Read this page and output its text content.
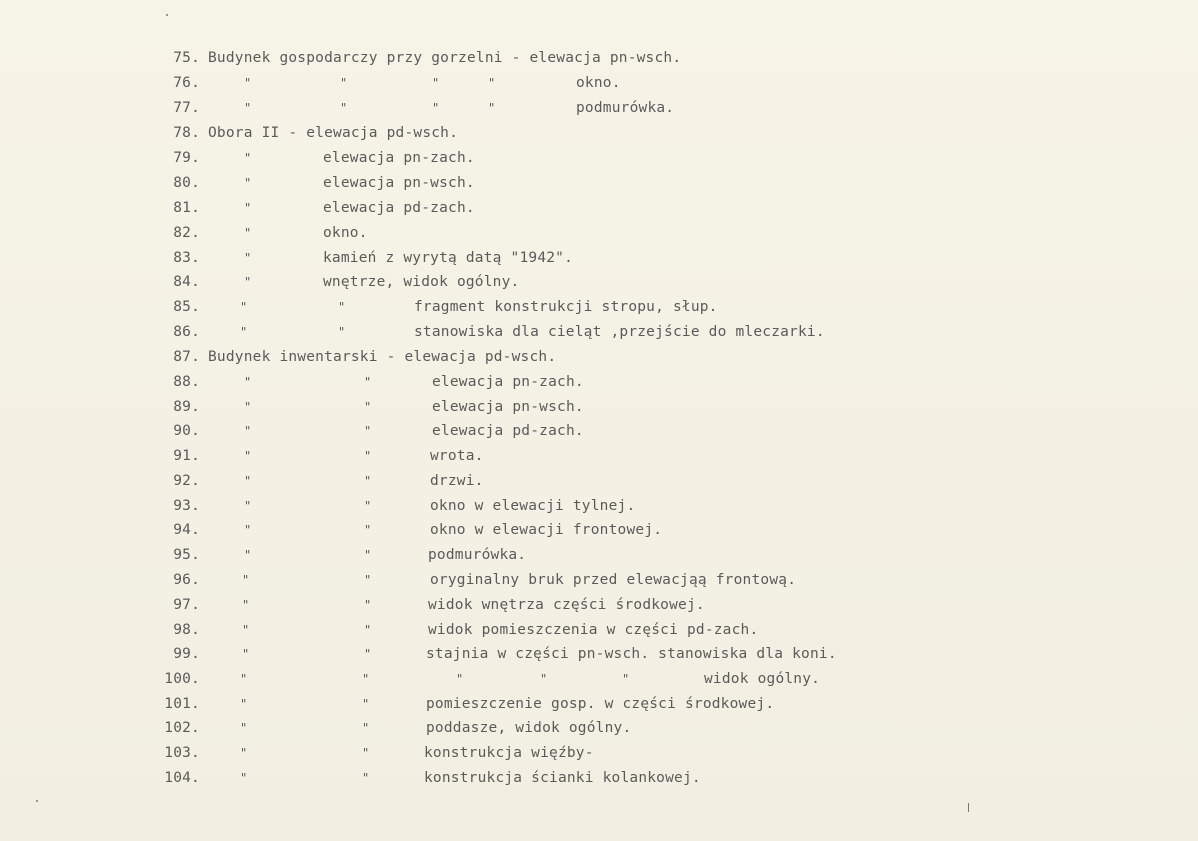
75. Budynek gospodarczy przy gorzelni - elewacja pn-wsch.
76.	"	"	"	"	okno.
77.	"	"	"	"	podmurówka.
78. Obora II - elewacja pd-wsch.
79.	"	elewacja pn-zach.
80.	"	elewacja pn-wsch.
81.	"	elewacja pd-zach.
82.	"	okno.
83.	"	kamień z wyrytą datą "1942".
84.	"	wnętrze, widok ogólny.
85.	"	"	fragment konstrukcji stropu, słup.
86.	"	"	stanowiska dla cieląt ,przejście do mleczarki.
87. Budynek inwentarski - elewacja pd-wsch.
88.	"	"	elewacja pn-zach.
89.	"	"	elewacja pn-wsch.
90.	"	"	elewacja pd-zach.
91.	"	"	wrota.
92.	"	"	drzwi.
93.	"	"	okno w elewacji tylnej.
94.	"	"	okno w elewacji frontowej.
95.	"	"	podmurówka.
96.	"	"	oryginalny bruk przed elewacjąą frontową.
97.	"	"	widok wnętrza części środkowej.
98.	"	"	widok pomieszczenia w części pd-zach.
99.	"	"	stajnia w części pn-wsch. stanowiska dla koni.
100.	"	"	"	"	"	widok ogólny.
101.	"	"	pomieszczenie gosp. w części środkowej.
102.	"	"	poddasze, widok ogólny.
103.	"	"	konstrukcja więźby-
104.	"	"	konstrukcja ścianki kolankowej.
